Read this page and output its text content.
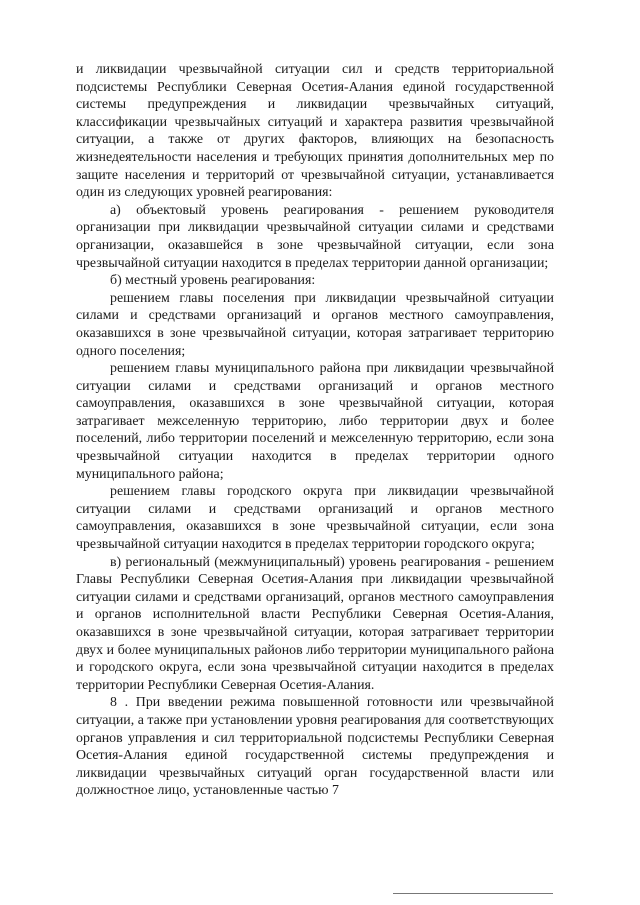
и ликвидации чрезвычайной ситуации сил и средств территориальной подсистемы Республики Северная Осетия-Алания единой государственной системы предупреждения и ликвидации чрезвычайных ситуаций, классификации чрезвычайных ситуаций и характера развития чрезвычайной ситуации, а также от других факторов, влияющих на безопасность жизнедеятельности населения и требующих принятия дополнительных мер по защите населения и территорий от чрезвычайной ситуации, устанавливается один из следующих уровней реагирования:

а) объектовый уровень реагирования - решением руководителя организации при ликвидации чрезвычайной ситуации силами и средствами организации, оказавшейся в зоне чрезвычайной ситуации, если зона чрезвычайной ситуации находится в пределах территории данной организации;

б) местный уровень реагирования:

решением главы поселения при ликвидации чрезвычайной ситуации силами и средствами организаций и органов местного самоуправления, оказавшихся в зоне чрезвычайной ситуации, которая затрагивает территорию одного поселения;

решением главы муниципального района при ликвидации чрезвычайной ситуации силами и средствами организаций и органов местного самоуправления, оказавшихся в зоне чрезвычайной ситуации, которая затрагивает межселенную территорию, либо территории двух и более поселений, либо территории поселений и межселенную территорию, если зона чрезвычайной ситуации находится в пределах территории одного муниципального района;

решением главы городского округа при ликвидации чрезвычайной ситуации силами и средствами организаций и органов местного самоуправления, оказавшихся в зоне чрезвычайной ситуации, если зона чрезвычайной ситуации находится в пределах территории городского округа;

в) региональный (межмуниципальный) уровень реагирования - решением Главы Республики Северная Осетия-Алания при ликвидации чрезвычайной ситуации силами и средствами организаций, органов местного самоуправления и органов исполнительной власти Республики Северная Осетия-Алания, оказавшихся в зоне чрезвычайной ситуации, которая затрагивает территории двух и более муниципальных районов либо территории муниципального района и городского округа, если зона чрезвычайной ситуации находится в пределах территории Республики Северная Осетия-Алания.

8 . При введении режима повышенной готовности или чрезвычайной ситуации, а также при установлении уровня реагирования для соответствующих органов управления и сил территориальной подсистемы Республики Северная Осетия-Алания единой государственной системы предупреждения и ликвидации чрезвычайных ситуаций орган государственной власти или должностное лицо, установленные частью 7
